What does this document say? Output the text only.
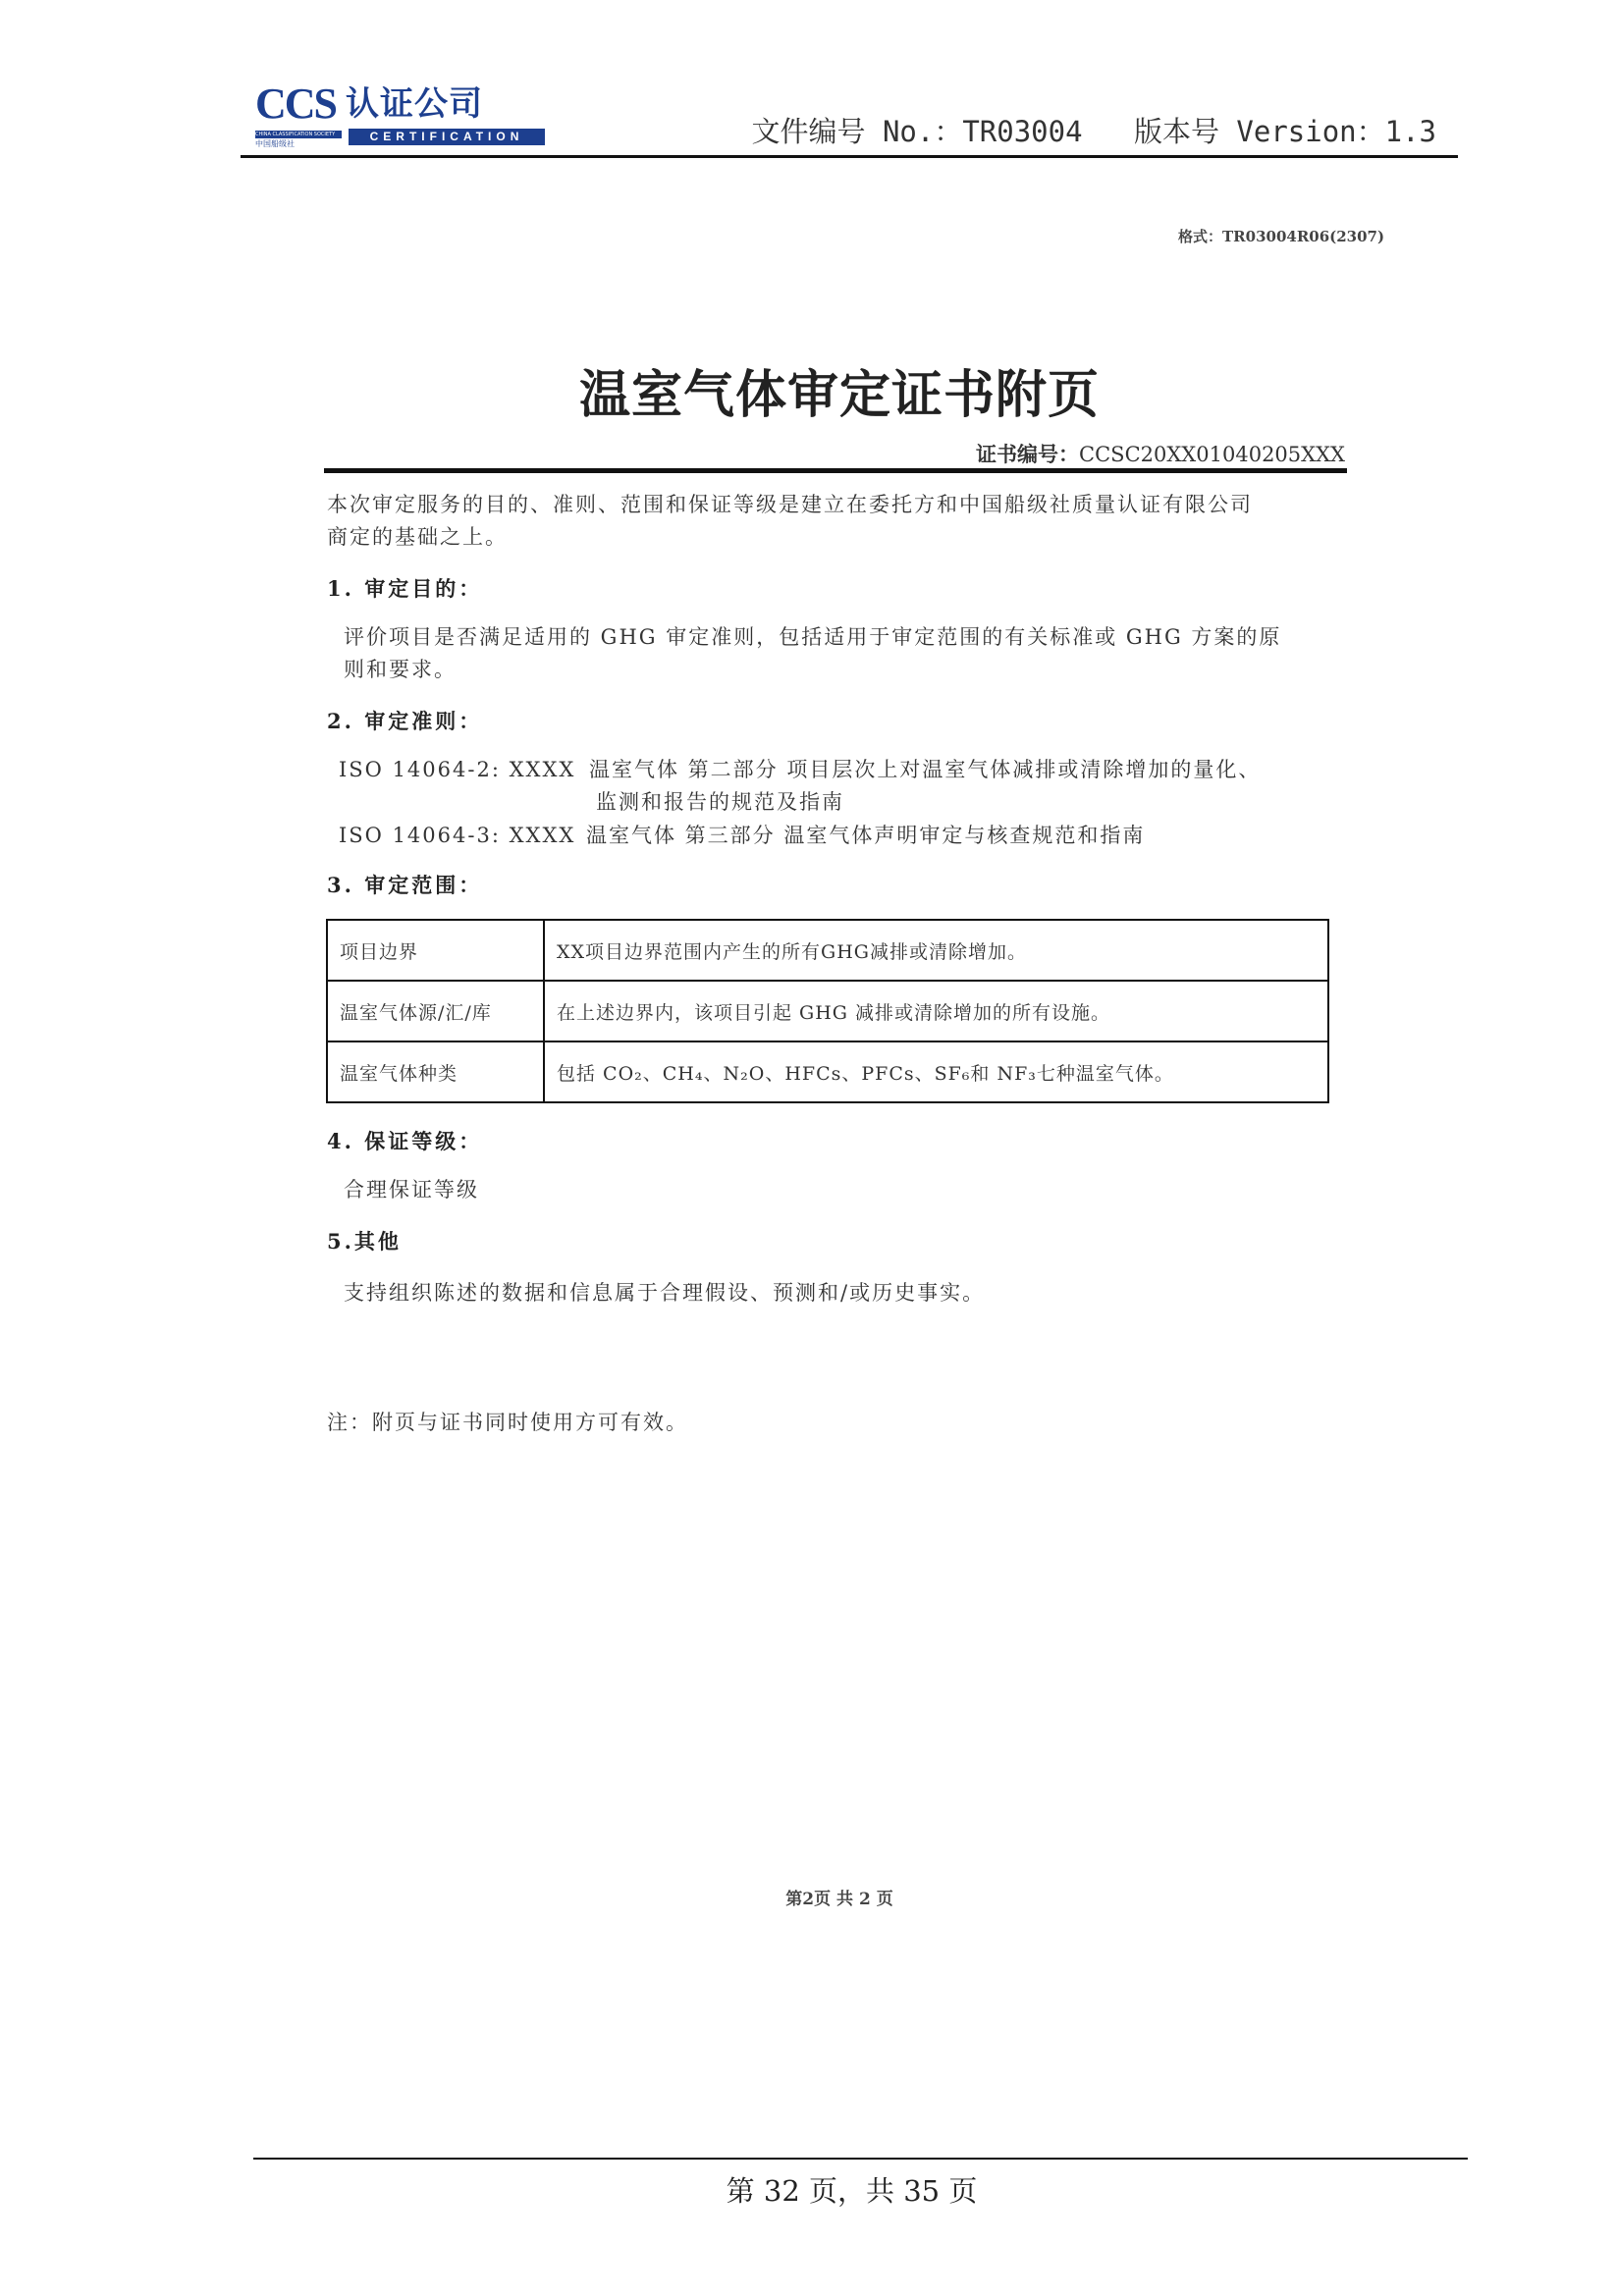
CCS 认证公司
CHINA CLASSIFICATION SOCIETY
中国船级社
CERTIFICATION	文件编号 No.：TR03004 版本号 Version：1.3
格式：TR03004R06(2307)
温室气体审定证书附页
证书编号：CCSC20XX01040205XXX
本次审定服务的目的、准则、范围和保证等级是建立在委托方和中国船级社质量认证有限公司
商定的基础之上。
1. 审定目的：
评价项目是否满足适用的 GHG 审定准则，包括适用于审定范围的有关标准或 GHG 方案的原
则和要求。
2. 审定准则：
ISO 14064-2: XXXX 温室气体 第二部分 项目层次上对温室气体减排或清除增加的量化、
监测和报告的规范及指南
ISO 14064-3: XXXX 温室气体 第三部分 温室气体声明审定与核查规范和指南
3. 审定范围：
项目边界	XX项目边界范围内产生的所有GHG减排或清除增加。
温室气体源/汇/库	在上述边界内，该项目引起 GHG 减排或清除增加的所有设施。
温室气体种类	包括 CO₂、CH₄、N₂O、HFCs、PFCs、SF₆和 NF₃七种温室气体。
4. 保证等级：
合理保证等级
5.其他
支持组织陈述的数据和信息属于合理假设、预测和/或历史事实。
注：附页与证书同时使用方可有效。
第2页 共 2 页
第 32 页，共 35 页
